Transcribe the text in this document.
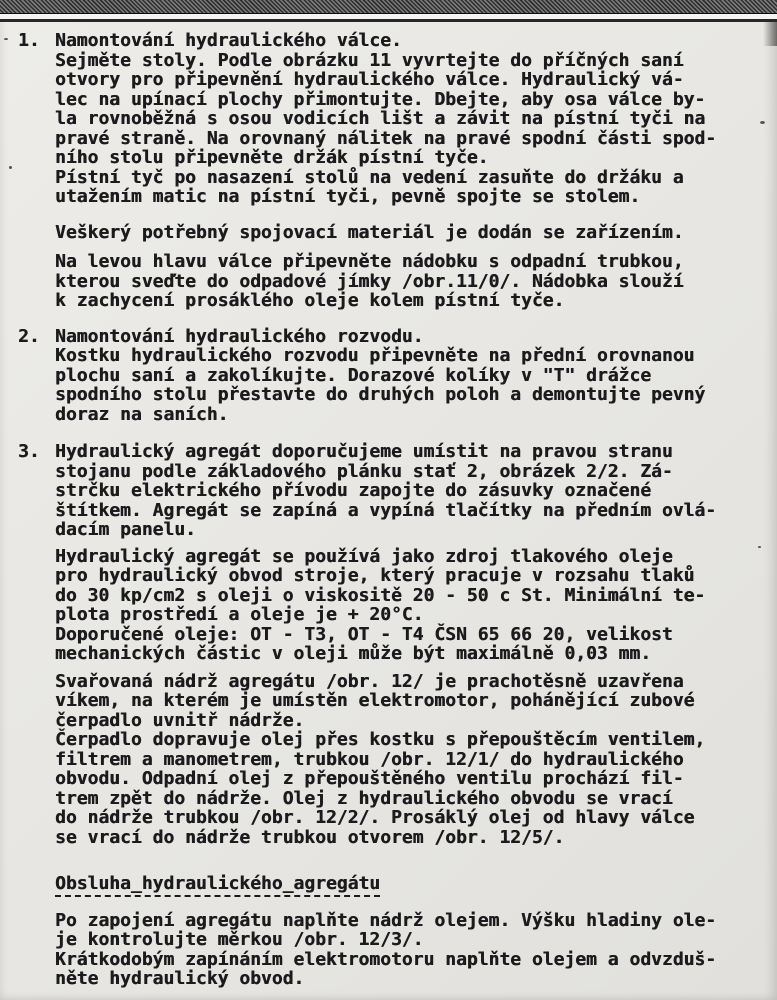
1. Namontování hydraulického válce.
Sejměte stoly. Podle obrázku 11 vyvrtejte do příčných saní
otvory pro připevnění hydraulického válce. Hydraulický vá-
lec na upínací plochy přimontujte. Dbejte, aby osa válce by-
la rovnoběžná s osou vodicích lišt a závit na pístní tyči na
pravé straně. Na orovnaný nálitek na pravé spodní části spod-
ního stolu připevněte držák pístní tyče.
Pístní tyč po nasazení stolů na vedení zasuňte do držáku a
utažením matic na pístní tyči, pevně spojte se stolem.
Veškerý potřebný spojovací materiál je dodán se zařízením.
Na levou hlavu válce připevněte nádobku s odpadní trubkou,
kterou sveďte do odpadové jímky /obr.11/0/. Nádobka slouží
k zachycení prosáklého oleje kolem pístní tyče.
2. Namontování hydraulického rozvodu.
Kostku hydraulického rozvodu připevněte na přední orovnanou
plochu saní a zakolíkujte. Dorazové kolíky v "T" drážce
spodního stolu přestavte do druhých poloh a demontujte pevný
doraz na saních.
3. Hydraulický agregát doporučujeme umístit na pravou stranu
stojanu podle základového plánku stať 2, obrázek 2/2. Zá-
strčku elektrického přívodu zapojte do zásuvky označené
štítkem. Agregát se zapíná a vypíná tlačítky na předním ovlá-
dacím panelu.
Hydraulický agregát se používá jako zdroj tlakového oleje
pro hydraulický obvod stroje, který pracuje v rozsahu tlaků
do 30 kp/cm2 s oleji o viskositě 20 - 50 c St. Minimální te-
plota prostředí a oleje je + 20°C.
Doporučené oleje: OT - T3, OT - T4 ČSN 65 66 20, velikost
mechanických částic v oleji může být maximálně 0,03 mm.
Svařovaná nádrž agregátu /obr. 12/ je prachotěsně uzavřena
víkem, na kterém je umístěn elektromotor, pohánějící zubové
čerpadlo uvnitř nádrže.
Čerpadlo dopravuje olej přes kostku s přepouštěcím ventilem,
filtrem a manometrem, trubkou /obr. 12/1/ do hydraulického
obvodu. Odpadní olej z přepouštěného ventilu prochází fil-
trem zpět do nádrže. Olej z hydraulického obvodu se vrací
do nádrže trubkou /obr. 12/2/. Prosáklý olej od hlavy válce
se vrací do nádrže trubkou otvorem /obr. 12/5/.
Obsluha_hydraulického_agregátu
Po zapojení agregátu naplňte nádrž olejem. Výšku hladiny ole-
je kontrolujte měrkou /obr. 12/3/.
Krátkodobým zapínáním elektromotoru naplňte olejem a odvzduš-
něte hydraulický obvod.
